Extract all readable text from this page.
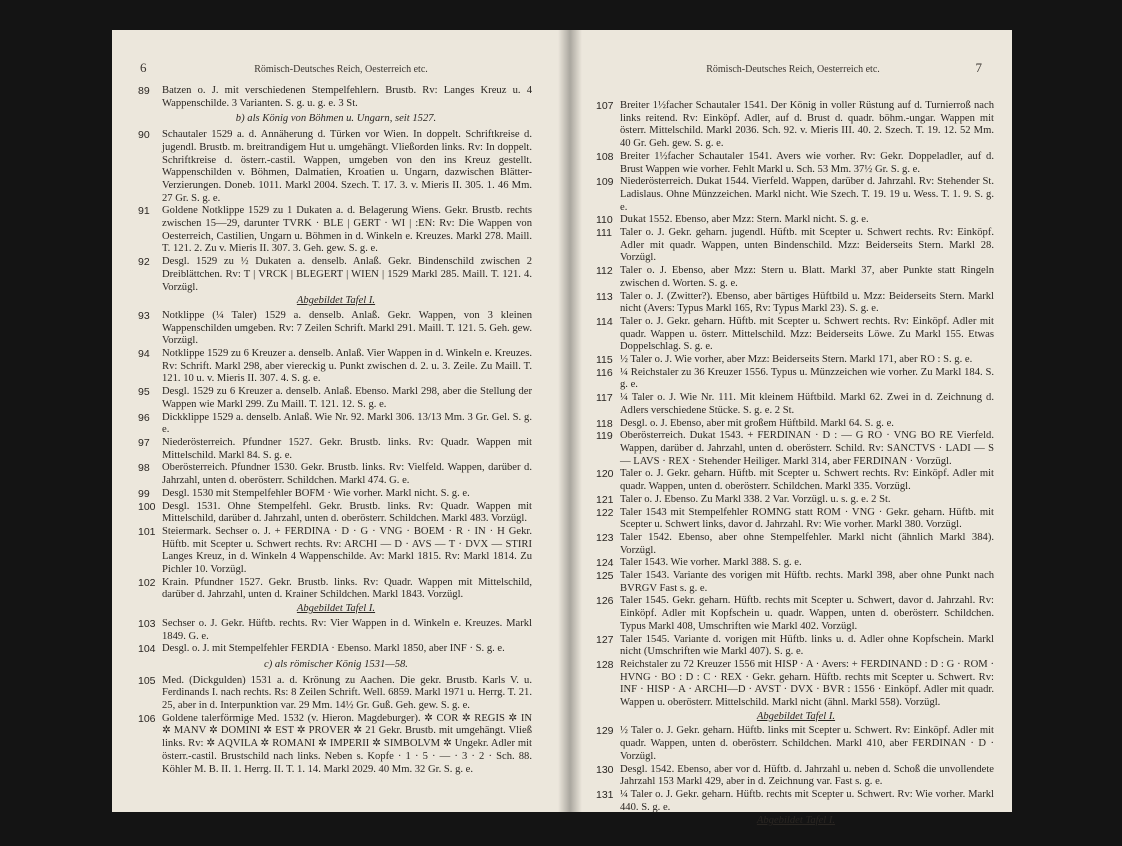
6	Römisch-Deutsches Reich, Oesterreich etc.

89 Batzen o. J. mit verschiedenen Stempelfehlern. Brustb. Rv: Langes Kreuz u. 4 Wappenschilde. 3 Varianten. S. g. u. g. e. 3 St.

b) als König von Böhmen u. Ungarn, seit 1527.

90 Schautaler 1529 a. d. Annäherung d. Türken vor Wien. In doppelt. Schriftkreise d. jugendl. Brustb. m. breitrandigem Hut u. umgehängt. Vließorden links. Rv: In doppelt. Schriftkreise d. österr.-castil. Wappen, umgeben von den ins Kreuz gestellt. Wappenschilden v. Böhmen, Dalmatien, Kroatien u. Ungarn, dazwischen Blätter-Verzierungen. Doneb. 1011. Markl 2004. Szech. T. 17. 3. v. Mieris II. 305. 1. 46 Mm. 27 Gr. S. g. e.

91 Goldene Notklippe 1529 zu 1 Dukaten a. d. Belagerung Wiens. Gekr. Brustb. rechts zwischen 15—29, darunter TVRK · BLE | GERT · WI | :EN: Rv: Die Wappen von Oesterreich, Castilien, Ungarn u. Böhmen in d. Winkeln e. Kreuzes. Markl 278. Maill. T. 121. 2. Zu v. Mieris II. 307. 3. Geh. gew. S. g. e.

92 Desgl. 1529 zu ½ Dukaten a. denselb. Anlaß. Gekr. Bindenschild zwischen 2 Dreiblättchen. Rv: T | VRCK | BLEGERT | WIEN | 1529 Markl 285. Maill. T. 121. 4. Vorzügl.

Abgebildet Tafel I.

93 Notklippe (¼ Taler) 1529 a. denselb. Anlaß. Gekr. Wappen, von 3 kleinen Wappenschilden umgeben. Rv: 7 Zeilen Schrift. Markl 291. Maill. T. 121. 5. Geh. gew. Vorzügl.

94 Notklippe 1529 zu 6 Kreuzer a. denselb. Anlaß. Vier Wappen in d. Winkeln e. Kreuzes. Rv: Schrift. Markl 298, aber viereckig u. Punkt zwischen d. 2. u. 3. Zeile. Zu Maill. T. 121. 10 u. v. Mieris II. 307. 4. S. g. e.

95 Desgl. 1529 zu 6 Kreuzer a. denselb. Anlaß. Ebenso. Markl 298, aber die Stellung der Wappen wie Markl 299. Zu Maill. T. 121. 12. S. g. e.

96 Dickklippe 1529 a. denselb. Anlaß. Wie Nr. 92. Markl 306. 13/13 Mm. 3 Gr. Gel. S. g. e.

97 Niederösterreich. Pfundner 1527. Gekr. Brustb. links. Rv: Quadr. Wappen mit Mittelschild. Markl 84. S. g. e.

98 Oberösterreich. Pfundner 1530. Gekr. Brustb. links. Rv: Vielfeld. Wappen, darüber d. Jahrzahl, unten d. oberösterr. Schildchen. Markl 474. G. e.

99 Desgl. 1530 mit Stempelfehler BOFM · Wie vorher. Markl nicht. S. g. e.

100 Desgl. 1531. Ohne Stempelfehl. Gekr. Brustb. links. Rv: Quadr. Wappen mit Mittelschild, darüber d. Jahrzahl, unten d. oberösterr. Schildchen. Markl 483. Vorzügl.

101 Steiermark. Sechser o. J. + FERDINA · D · G · VNG · BOEM · R · IN · H Gekr. Hüftb. mit Scepter u. Schwert rechts. Rv: ARCHI — D · AVS — T · DVX — STIRI Langes Kreuz, in d. Winkeln 4 Wappenschilde. Av: Markl 1815. Rv: Markl 1814. Zu Pichler 10. Vorzügl.

102 Krain. Pfundner 1527. Gekr. Brustb. links. Rv: Quadr. Wappen mit Mittelschild, darüber d. Jahrzahl, unten d. Krainer Schildchen. Markl 1843. Vorzügl.

Abgebildet Tafel I.

103 Sechser o. J. Gekr. Hüftb. rechts. Rv: Vier Wappen in d. Winkeln e. Kreuzes. Markl 1849. G. e.

104 Desgl. o. J. mit Stempelfehler FERDIA · Ebenso. Markl 1850, aber INF · S. g. e.

c) als römischer König 1531—58.

105 Med. (Dickgulden) 1531 a. d. Krönung zu Aachen. Die gekr. Brustb. Karls V. u. Ferdinands I. nach rechts. Rs: 8 Zeilen Schrift. Well. 6859. Markl 1971 u. Herrg. T. 21. 25, aber in d. Interpunktion var. 29 Mm. 14½ Gr. Guß. Geh. gew. S. g. e.

106 Goldene talerförmige Med. 1532 (v. Hieron. Magdeburger). ✲ COR ✲ REGIS ✲ IN ✲ MANV ✲ DOMINI ✲ EST ✲ PROVER ✲ 21 Gekr. Brustb. mit umgehängt. Vließ links. Rv: ✲ AQVILA ✲ ROMANI ✲ IMPERII ✲ SIMBOLVM ✲ Ungekr. Adler mit österr.-castil. Brustschild nach links. Neben s. Kopfe · 1 · 5 · — · 3 · 2 · Sch. 88. Köhler M. B. II. 1. Herrg. II. T. 1. 14. Markl 2029. 40 Mm. 32 Gr. S. g. e.

7
Römisch-Deutsches Reich, Oesterreich etc.

107 Breiter 1½facher Schautaler 1541. Der König in voller Rüstung auf d. Turnierroß nach links reitend. Rv: Einköpf. Adler, auf d. Brust d. quadr. böhm.-ungar. Wappen mit österr. Mittelschild. Markl 2036. Sch. 92. v. Mieris III. 40. 2. Szech. T. 19. 12. 52 Mm. 40 Gr. Geh. gew. S. g. e.

108 Breiter 1½facher Schautaler 1541. Avers wie vorher. Rv: Gekr. Doppeladler, auf d. Brust Wappen wie vorher. Fehlt Markl u. Sch. 53 Mm. 37½ Gr. S. g. e.

109 Niederösterreich. Dukat 1544. Vierfeld. Wappen, darüber d. Jahrzahl. Rv: Stehender St. Ladislaus. Ohne Münzzeichen. Markl nicht. Wie Szech. T. 19. 19 u. Wess. T. 1. 9. S. g. e.

110 Dukat 1552. Ebenso, aber Mzz: Stern. Markl nicht. S. g. e.

111 Taler o. J. Gekr. geharn. jugendl. Hüftb. mit Scepter u. Schwert rechts. Rv: Einköpf. Adler mit quadr. Wappen, unten Bindenschild. Mzz: Beiderseits Stern. Markl 28. Vorzügl.

112 Taler o. J. Ebenso, aber Mzz: Stern u. Blatt. Markl 37, aber Punkte statt Ringeln zwischen d. Worten. S. g. e.

113 Taler o. J. (Zwitter?). Ebenso, aber bärtiges Hüftbild u. Mzz: Beiderseits Stern. Markl nicht (Avers: Typus Markl 165, Rv: Typus Markl 23). S. g. e.

114 Taler o. J. Gekr. geharn. Hüftb. mit Scepter u. Schwert rechts. Rv: Einköpf. Adler mit quadr. Wappen u. österr. Mittelschild. Mzz: Beiderseits Löwe. Zu Markl 155. Etwas Doppelschlag. S. g. e.

115 ½ Taler o. J. Wie vorher, aber Mzz: Beiderseits Stern. Markl 171, aber RO : S. g. e.

116 ¼ Reichstaler zu 36 Kreuzer 1556. Typus u. Münzzeichen wie vorher. Zu Markl 184. S. g. e.

117 ¼ Taler o. J. Wie Nr. 111. Mit kleinem Hüftbild. Markl 62. Zwei in d. Zeichnung d. Adlers verschiedene Stücke. S. g. e. 2 St.

118 Desgl. o. J. Ebenso, aber mit großem Hüftbild. Markl 64. S. g. e.

119 Oberösterreich. Dukat 1543. + FERDINAN · D : — G RO · VNG BO RE Vierfeld. Wappen, darüber d. Jahrzahl, unten d. oberösterr. Schild. Rv: SANCTVS · LADI — S — LAVS · REX · Stehender Heiliger. Markl 314, aber FERDINAN · Vorzügl.

120 Taler o. J. Gekr. geharn. Hüftb. mit Scepter u. Schwert rechts. Rv: Einköpf. Adler mit quadr. Wappen, unten d. oberösterr. Schildchen. Markl 335. Vorzügl.

121 Taler o. J. Ebenso. Zu Markl 338. 2 Var. Vorzügl. u. s. g. e. 2 St.

122 Taler 1543 mit Stempelfehler ROMNG statt ROM · VNG · Gekr. geharn. Hüftb. mit Scepter u. Schwert links, davor d. Jahrzahl. Rv: Wie vorher. Markl 380. Vorzügl.

123 Taler 1542. Ebenso, aber ohne Stempelfehler. Markl nicht (ähnlich Markl 384). Vorzügl.

124 Taler 1543. Wie vorher. Markl 388. S. g. e.

125 Taler 1543. Variante des vorigen mit Hüftb. rechts. Markl 398, aber ohne Punkt nach BVRGV Fast s. g. e.

126 Taler 1545. Gekr. geharn. Hüftb. rechts mit Scepter u. Schwert, davor d. Jahrzahl. Rv: Einköpf. Adler mit Kopfschein u. quadr. Wappen, unten d. oberösterr. Schildchen. Typus Markl 408, Umschriften wie Markl 402. Vorzügl.

127 Taler 1545. Variante d. vorigen mit Hüftb. links u. d. Adler ohne Kopfschein. Markl nicht (Umschriften wie Markl 407). S. g. e.

128 Reichstaler zu 72 Kreuzer 1556 mit HISP · A · Avers: + FERDINAND : D : G · ROM · HVNG · BO : D : C · REX · Gekr. geharn. Hüftb. rechts mit Scepter u. Schwert. Rv: INF · HISP · A · ARCHI—D · AVST · DVX · BVR : 1556 · Einköpf. Adler mit quadr. Wappen u. oberösterr. Mittelschild. Markl nicht (ähnl. Markl 558). Vorzügl.

Abgebildet Tafel I.

129 ½ Taler o. J. Gekr. geharn. Hüftb. links mit Scepter u. Schwert. Rv: Einköpf. Adler mit quadr. Wappen, unten d. oberösterr. Schildchen. Markl 410, aber FERDINAN · D · Vorzügl.

130 Desgl. 1542. Ebenso, aber vor d. Hüftb. d. Jahrzahl u. neben d. Schoß die unvollendete Jahrzahl 153 Markl 429, aber in d. Zeichnung var. Fast s. g. e.

131 ¼ Taler o. J. Gekr. geharn. Hüftb. rechts mit Scepter u. Schwert. Rv: Wie vorher. Markl 440. S. g. e.

Abgebildet Tafel I.
